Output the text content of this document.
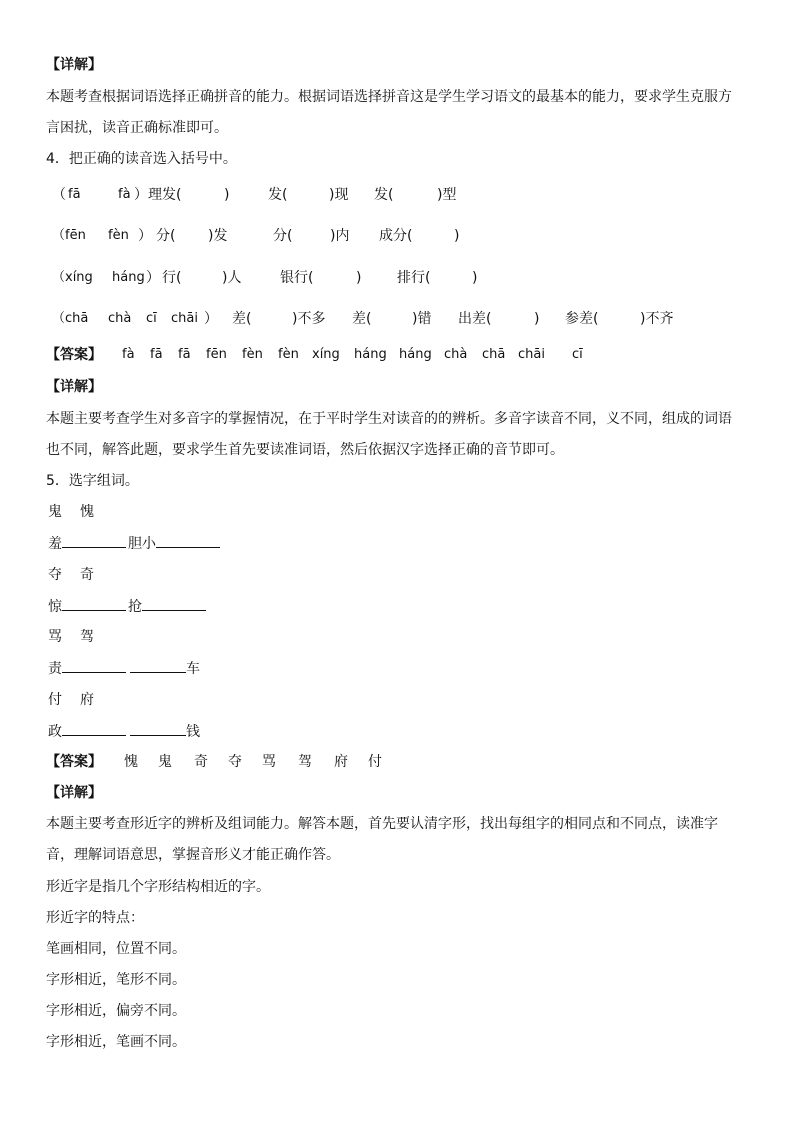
【详解】
本题考查根据词语选择正确拼音的能力。根据词语选择拼音这是学生学习语文的最基本的能力，要求学生克服方
言困扰，读音正确标准即可。
4．把正确的读音选入括号中。
（ fā	fà ） 理发(	)	发(	)现 发(	)型
（fēn fèn ） 分( )发	分(	)内 成分(	)
（xíng háng ） 行(	)人	银行(	)	排行(	)
（chā chà cī chāi ） 差(	)不多 差(	)错 出差(	) 参差(	)不齐
【答案】 fà fā fā fēn fèn fèn xíng háng háng chà chā chāi cī
【详解】
本题主要考查学生对多音字的掌握情况，在于平时学生对读音的的辨析。多音字读音不同，义不同，组成的词语
也不同，解答此题，要求学生首先要读准词语，然后依据汉字选择正确的音节即可。
5．选字组词。
鬼 愧
羞	胆小
夺 奇
惊	抢
骂 驾
责	车
付 府
政	钱
【答案】 愧 鬼 奇 夺 骂 驾 府 付
【详解】
本题主要考查形近字的辨析及组词能力。解答本题，首先要认清字形，找出每组字的相同点和不同点，读准字
音，理解词语意思，掌握音形义才能正确作答。
形近字是指几个字形结构相近的字。
形近字的特点：
笔画相同，位置不同。
字形相近，笔形不同。
字形相近，偏旁不同。
字形相近，笔画不同。
